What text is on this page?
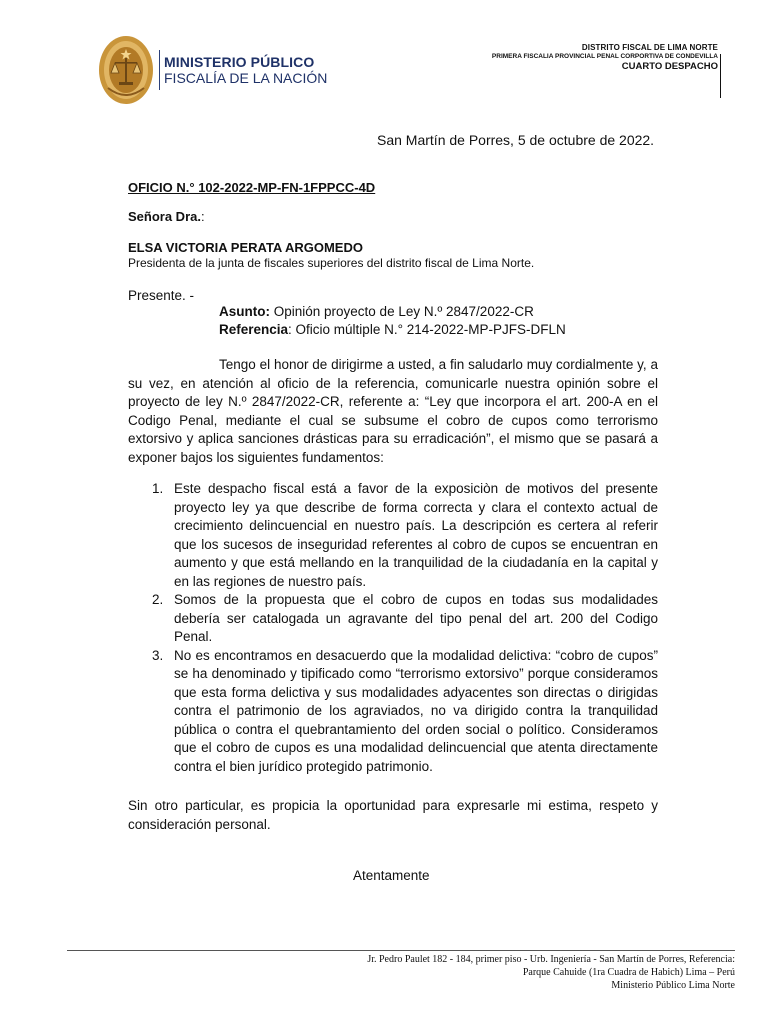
MINISTERIO PÚBLICO
FISCALÍA DE LA NACIÓN
DISTRITO FISCAL DE LIMA NORTE
PRIMERA FISCALIA PROVINCIAL PENAL CORPORTIVA DE CONDEVILLA
CUARTO DESPACHO
San Martín de Porres, 5 de octubre de 2022.
OFICIO N.° 102-2022-MP-FN-1FPPCC-4D
Señora Dra.:
ELSA VICTORIA PERATA ARGOMEDO
Presidenta de la junta de fiscales superiores del distrito fiscal de Lima Norte.
Presente. -
Asunto: Opinión proyecto de Ley N.º 2847/2022-CR
Referencia: Oficio múltiple N.° 214-2022-MP-PJFS-DFLN
Tengo el honor de dirigirme a usted, a fin saludarlo muy cordialmente y, a su vez, en atención al oficio de la referencia, comunicarle nuestra opinión sobre el proyecto de ley N.º 2847/2022-CR, referente a: “Ley que incorpora el art. 200-A en el Codigo Penal, mediante el cual se subsume el cobro de cupos como terrorismo extorsivo y aplica sanciones drásticas para su erradicación”, el mismo que se pasará a exponer bajos los siguientes fundamentos:
1. Este despacho fiscal está a favor de la exposiciòn de motivos del presente proyecto ley ya que describe de forma correcta y clara el contexto actual de crecimiento delincuencial en nuestro país. La descripción es certera al referir que los sucesos de inseguridad referentes al cobro de cupos se encuentran en aumento y que está mellando en la tranquilidad de la ciudadanía en la capital y en las regiones de nuestro país.
2. Somos de la propuesta que el cobro de cupos en todas sus modalidades debería ser catalogada un agravante del tipo penal del art. 200 del Codigo Penal.
3. No es encontramos en desacuerdo que la modalidad delictiva: “cobro de cupos” se ha denominado y tipificado como “terrorismo extorsivo” porque consideramos que esta forma delictiva y sus modalidades adyacentes son directas o dirigidas contra el patrimonio de los agraviados, no va dirigido contra la tranquilidad pública o contra el quebrantamiento del orden social o político. Consideramos que el cobro de cupos es una modalidad delincuencial que atenta directamente contra el bien jurídico protegido patrimonio.
Sin otro particular, es propicia la oportunidad para expresarle mi estima, respeto y consideración personal.
Atentamente
Jr. Pedro Paulet 182 - 184, primer piso - Urb. Ingeniería - San Martín de Porres, Referencia:
Parque Cahuide (1ra Cuadra de Habich) Lima – Perú
Ministerio Público Lima Norte
